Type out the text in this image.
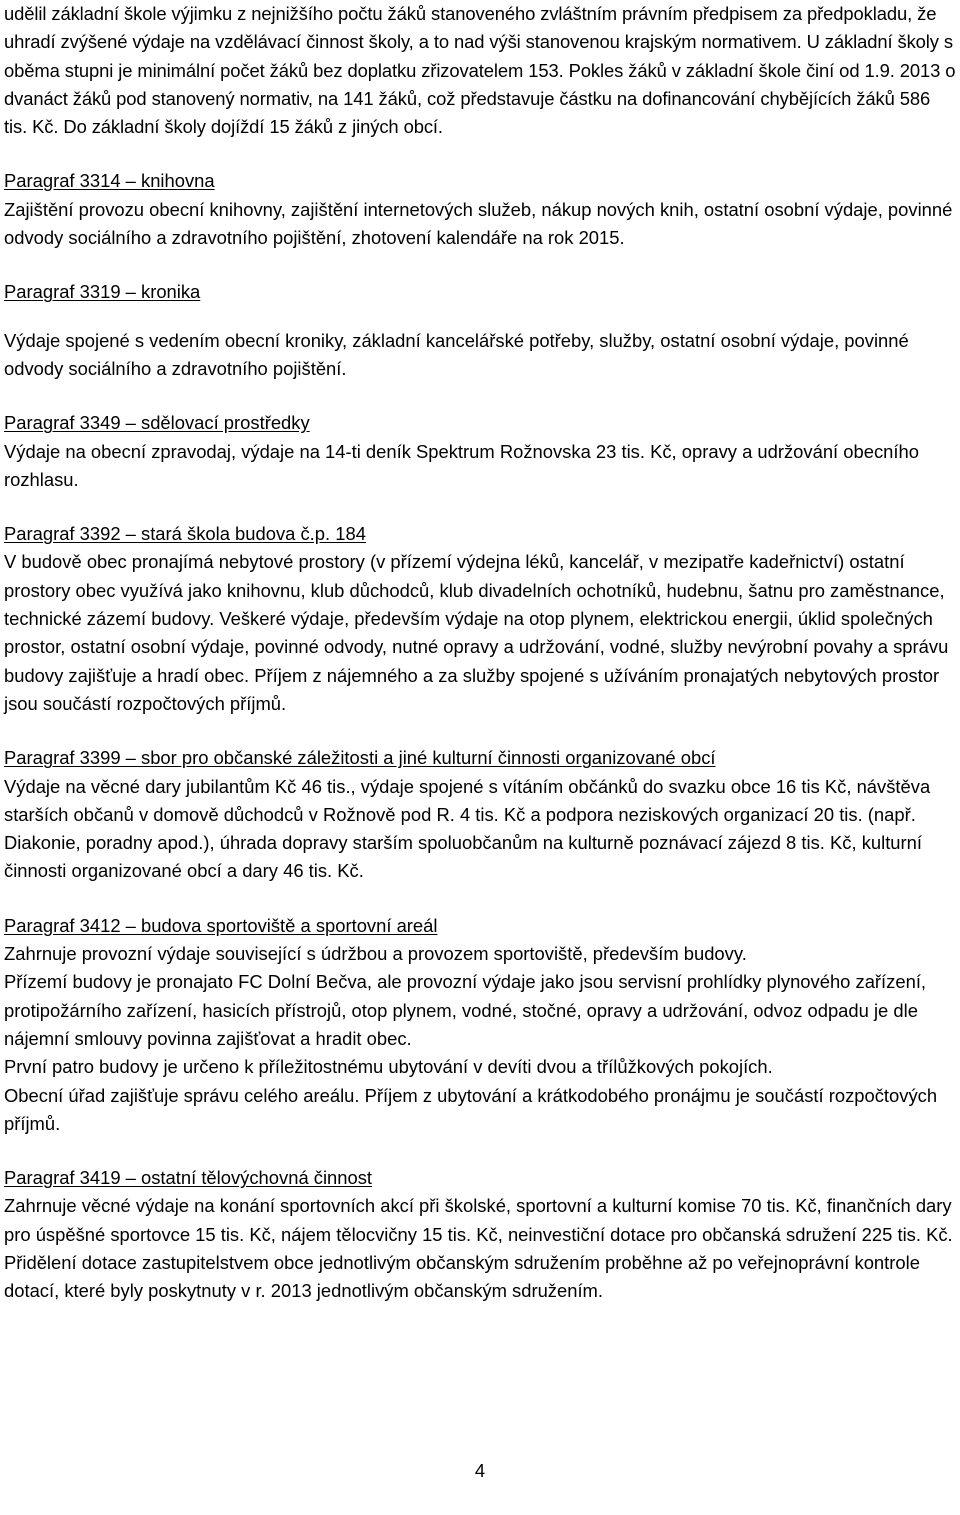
udělil základní škole výjimku z nejnižšího počtu žáků stanoveného zvláštním právním předpisem za předpokladu, že uhradí zvýšené výdaje na vzdělávací činnost školy, a to nad výši stanovenou krajským normativem. U základní školy s oběma stupni je minimální počet žáků bez doplatku zřizovatelem 153. Pokles žáků v základní škole činí od 1.9. 2013 o dvanáct žáků pod stanovený normativ, na 141 žáků, což představuje částku na dofinancování chybějících žáků 586 tis. Kč. Do základní školy dojíždí 15 žáků z jiných obcí.

Paragraf 3314 – knihovna

Zajištění provozu obecní knihovny, zajištění internetových služeb, nákup nových knih, ostatní osobní výdaje, povinné odvody sociálního a zdravotního pojištění, zhotovení kalendáře na rok 2015.

Paragraf 3319 – kronika

Výdaje spojené s vedením obecní kroniky, základní kancelářské potřeby, služby, ostatní osobní výdaje, povinné odvody sociálního a zdravotního pojištění.

Paragraf 3349 – sdělovací prostředky

Výdaje na obecní zpravodaj, výdaje na 14-ti deník Spektrum Rožnovska 23 tis. Kč, opravy a udržování obecního rozhlasu.

Paragraf 3392 – stará škola budova č.p. 184

V budově obec pronajímá nebytové prostory (v přízemí výdejna léků, kancelář, v mezipatře kadeřnictví) ostatní prostory obec využívá jako knihovnu, klub důchodců, klub divadelních ochotníků, hudebnu, šatnu pro zaměstnance, technické zázemí budovy. Veškeré výdaje, především výdaje na otop plynem, elektrickou energii, úklid společných prostor, ostatní osobní výdaje, povinné odvody, nutné opravy a udržování, vodné, služby nevýrobní povahy a správu budovy zajišťuje a hradí obec. Příjem z nájemného a za služby spojené s užíváním pronajatých nebytových prostor jsou součástí rozpočtových příjmů.

Paragraf 3399 – sbor pro občanské záležitosti a jiné kulturní činnosti organizované obcí

Výdaje na věcné dary jubilantům Kč 46 tis., výdaje spojené s vítáním občánků do svazku obce 16 tis Kč, návštěva starších občanů v domově důchodců v Rožnově pod R. 4 tis. Kč a podpora neziskových organizací 20 tis. (např. Diakonie, poradny apod.), úhrada dopravy starším spoluobčanům na kulturně poznávací zájezd 8 tis. Kč, kulturní činnosti organizované obcí a dary 46 tis. Kč.

Paragraf 3412 – budova sportoviště a sportovní areál

Zahrnuje provozní výdaje související s údržbou a provozem sportoviště, především budovy.

Přízemí budovy je pronajato FC Dolní Bečva, ale provozní výdaje jako jsou servisní prohlídky plynového zařízení, protipožárního zařízení, hasicích přístrojů, otop plynem, vodné, stočné, opravy a udržování, odvoz odpadu je dle nájemní smlouvy povinna zajišťovat a hradit obec.

První patro budovy je určeno k příležitostnému ubytování v devíti dvou a třílůžkových pokojích.

Obecní úřad zajišťuje správu celého areálu. Příjem z ubytování a krátkodobého pronájmu je součástí rozpočtových příjmů.

Paragraf 3419 – ostatní tělovýchovná činnost

Zahrnuje věcné výdaje na konání sportovních akcí při školské, sportovní a kulturní komise 70 tis. Kč, finančních dary pro úspěšné sportovce 15 tis. Kč, nájem tělocvičny 15 tis. Kč, neinvestiční dotace pro občanská sdružení 225 tis. Kč. Přidělení dotace zastupitelstvem obce jednotlivým občanským sdružením proběhne až po veřejnoprávní kontrole dotací, které byly poskytnuty v r. 2013 jednotlivým občanským sdružením.

4
